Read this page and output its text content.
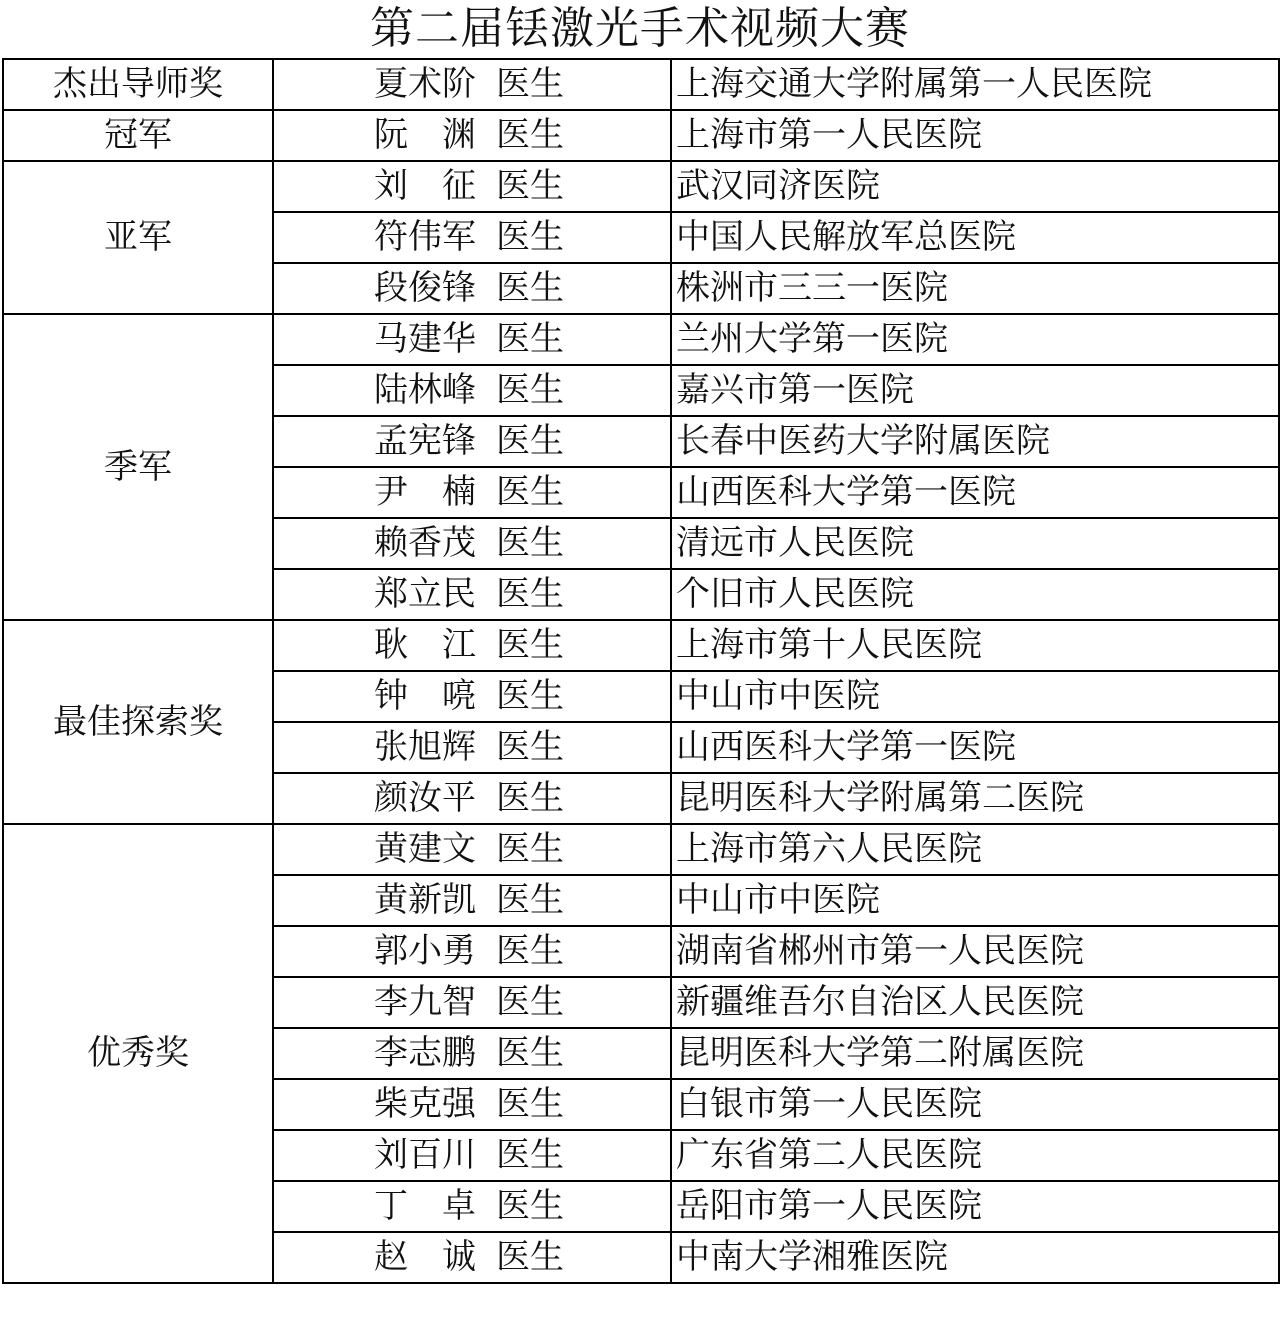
第二届铥激光手术视频大赛
杰出导师奖	夏术阶 医生	上海交通大学附属第一人民医院
冠军	阮　渊 医生	上海市第一人民医院
亚军	刘　征 医生	武汉同济医院
	符伟军 医生	中国人民解放军总医院
	段俊锋 医生	株洲市三三一医院
季军	马建华 医生	兰州大学第一医院
	陆林峰 医生	嘉兴市第一医院
	孟宪锋 医生	长春中医药大学附属医院
	尹　楠 医生	山西医科大学第一医院
	赖香茂 医生	清远市人民医院
	郑立民 医生	个旧市人民医院
最佳探索奖	耿　江 医生	上海市第十人民医院
	钟　喨 医生	中山市中医院
	张旭辉 医生	山西医科大学第一医院
	颜汝平 医生	昆明医科大学附属第二医院
优秀奖	黄建文 医生	上海市第六人民医院
	黄新凯 医生	中山市中医院
	郭小勇 医生	湖南省郴州市第一人民医院
	李九智 医生	新疆维吾尔自治区人民医院
	李志鹏 医生	昆明医科大学第二附属医院
	柴克强 医生	白银市第一人民医院
	刘百川 医生	广东省第二人民医院
	丁　卓 医生	岳阳市第一人民医院
	赵　诚 医生	中南大学湘雅医院
